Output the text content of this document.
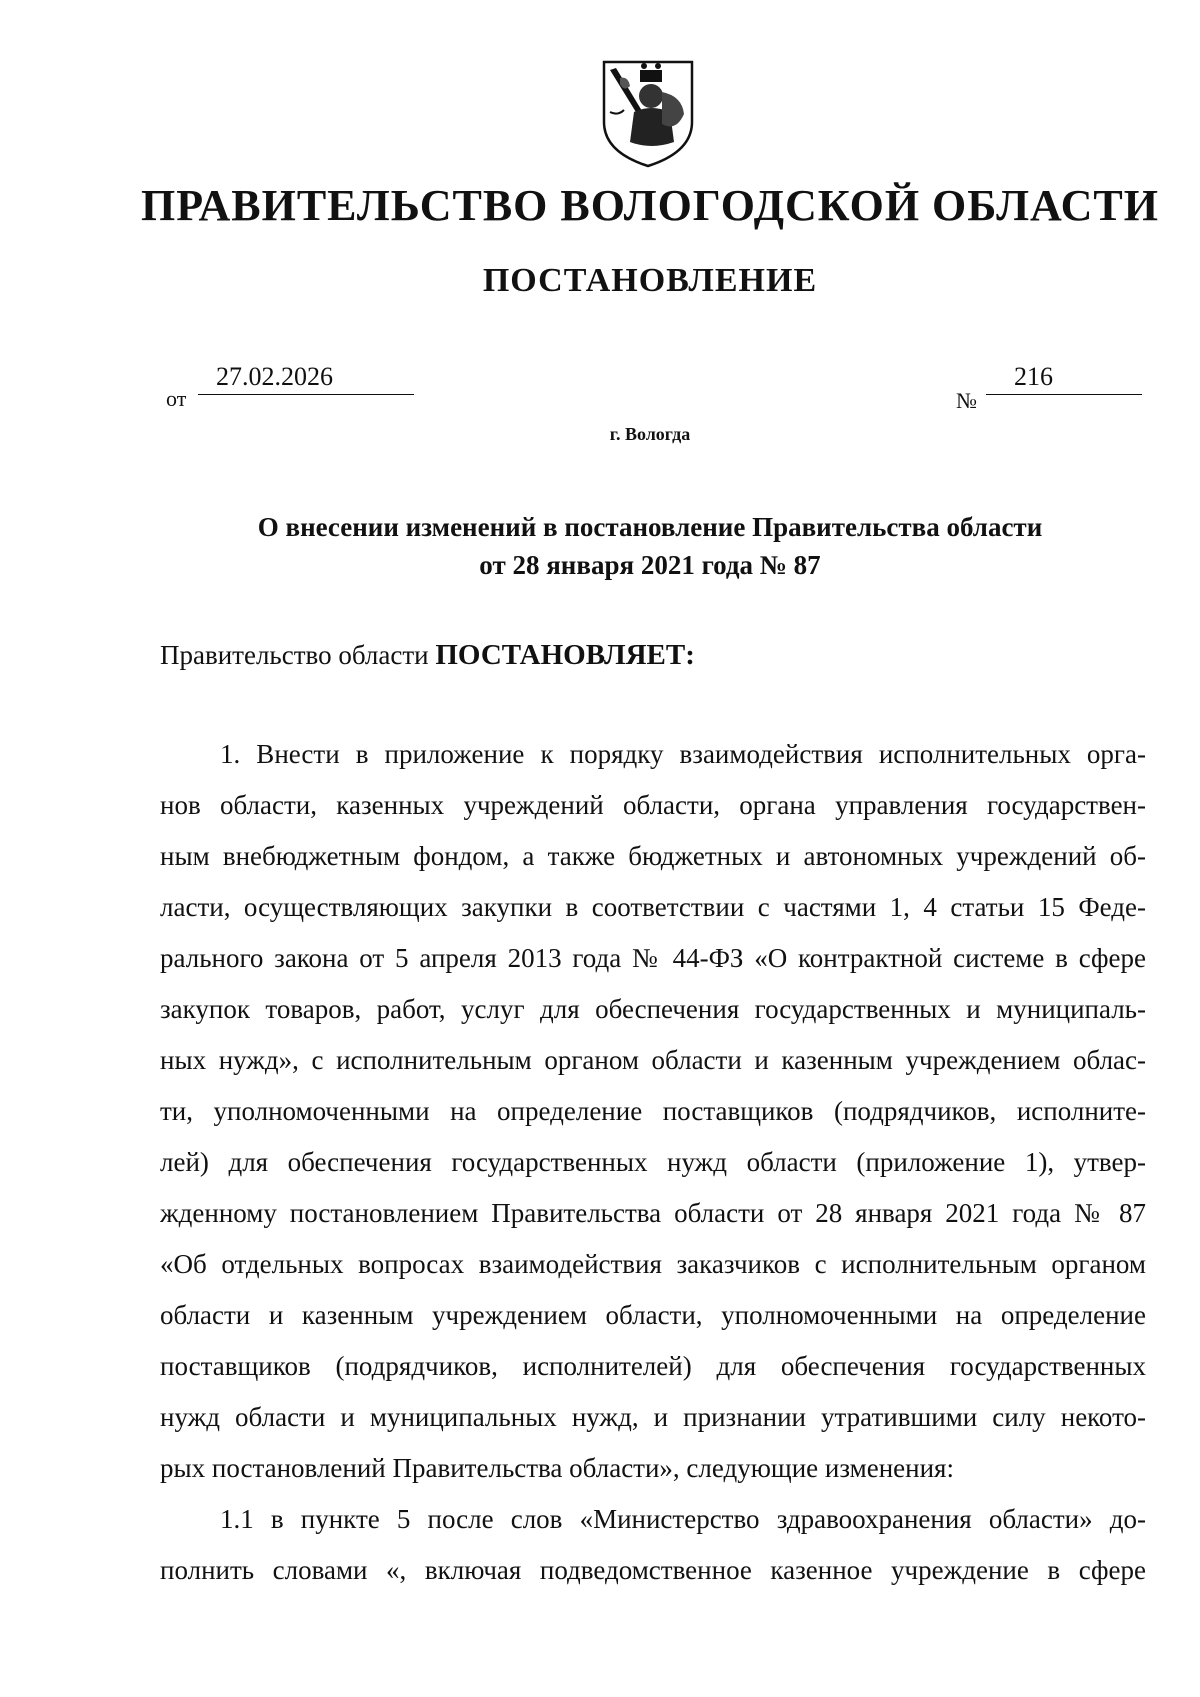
ПРАВИТЕЛЬСТВО ВОЛОГОДСКОЙ ОБЛАСТИ
ПОСТАНОВЛЕНИЕ
от
27.02.2026
№
216
г. Вологда
О внесении изменений в постановление Правительства области
от 28 января 2021 года № 87
Правительство области ПОСТАНОВЛЯЕТ:
1. Внести в приложение к порядку взаимодействия исполнительных орга-
нов области, казенных учреждений области, органа управления государствен-
ным внебюджетным фондом, а также бюджетных и автономных учреждений об-
ласти, осуществляющих закупки в соответствии с частями 1, 4 статьи 15 Феде-
рального закона от 5 апреля 2013 года № 44-ФЗ «О контрактной системе в сфере
закупок товаров, работ, услуг для обеспечения государственных и муниципаль-
ных нужд», с исполнительным органом области и казенным учреждением облас-
ти, уполномоченными на определение поставщиков (подрядчиков, исполните-
лей) для обеспечения государственных нужд области (приложение 1), утвер-
жденному постановлением Правительства области от 28 января 2021 года № 87
«Об отдельных вопросах взаимодействия заказчиков с исполнительным органом
области и казенным учреждением области, уполномоченными на определение
поставщиков (подрядчиков, исполнителей) для обеспечения государственных
нужд области и муниципальных нужд, и признании утратившими силу некото-
рых постановлений Правительства области», следующие изменения:
1.1 в пункте 5 после слов «Министерство здравоохранения области» до-
полнить словами «, включая подведомственное казенное учреждение в сфере
